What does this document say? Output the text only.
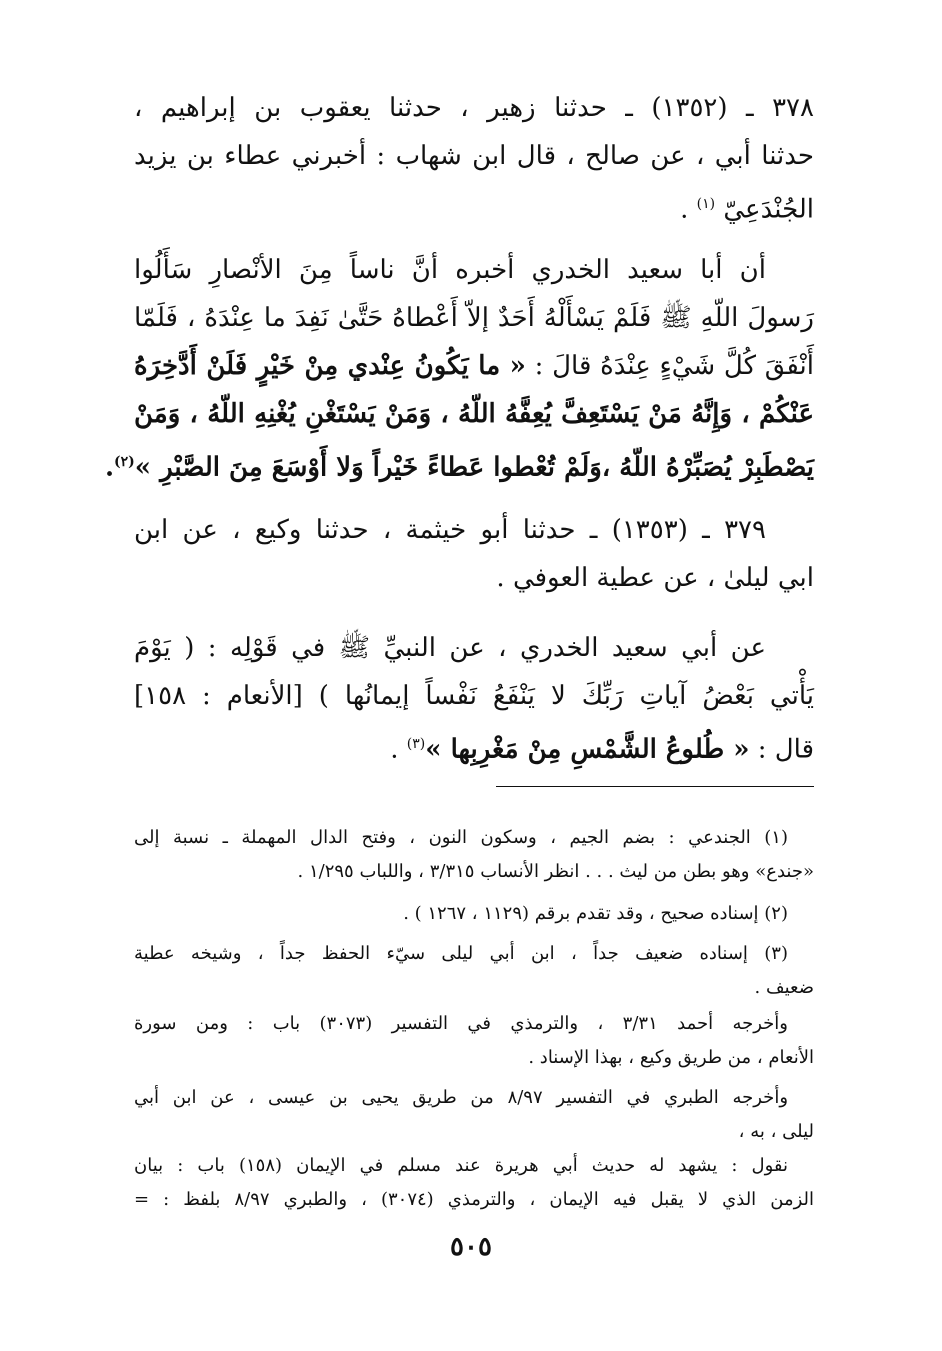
٣٧٨ ـ (١٣٥٢) ـ حدثنا زهير ، حدثنا يعقوب بن إبراهيم ،
حدثنا أبي ، عن صالح ، قال ابن شهاب : أخبرني عطاء بن يزيد
الجُنْدَعِيّ $^{(١)}$ .
أن أبا سعيد الخدري أخبره أنَّ ناساً مِنَ الأنْصارِ سَأَلُوا
رَسولَ اللّهِ ﷺ فَلَمْ يَسْأَلْهُ أَحَدٌ إلاّ أَعْطاهُ حَتَّىٰ نَفِدَ ما عِنْدَهُ ، فَلَمّا
أَنْفَقَ كُلَّ شَيْءٍ عِنْدَهُ قالَ : « ما يَكُونُ عِنْدي مِنْ خَيْرٍ فَلَنْ أَدَّخِرَهُ
عَنْكُمْ ، وَإِنَّهُ مَنْ يَسْتَعِفَّ يُعِفَّهُ اللّهُ ، وَمَنْ يَسْتَغْنِ يُغْنِهِ اللّهُ ، وَمَنْ
يَصْطَبِرْ يُصَبِّرْهُ اللّهُ ،وَلَمْ تُعْطوا عَطاءً خَيْراً وَلا أَوْسَعَ مِنَ الصَّبْرِ »$^{(٢)}$.
٣٧٩ ـ (١٣٥٣) ـ حدثنا أبو خيثمة ، حدثنا وكيع ، عن ابن
ابي ليلىٰ ، عن عطية العوفي .
عن أبي سعيد الخدري ، عن النبيِّ ﷺ في قَوْلِه : ( يَوْمَ
يَأْتي بَعْضُ آياتِ رَبِّكَ لا يَنْفَعُ نَفْساً إيمانُها ) [الأنعام : ١٥٨]
قال : « طُلوعُ الشَّمْسِ مِنْ مَغْرِبِها »$^{(٣)}$ .
(١) الجندعي : بضم الجيم ، وسكون النون ، وفتح الدال المهملة ـ نسبة إلى
«جندع» وهو بطن من ليث . . . انظر الأنساب ٣/٣١٥ ، واللباب ١/٢٩٥ .
(٢) إسناده صحيح ، وقد تقدم برقم (١١٢٩ ، ١٢٦٧ ) .
(٣) إسناده ضعيف جداً ، ابن أبي ليلى سيّء الحفظ جداً ، وشيخه عطية
ضعيف .
وأخرجه أحمد ٣/٣١ ، والترمذي في التفسير (٣٠٧٣) باب : ومن سورة
الأنعام ، من طريق وكيع ، بهذا الإسناد .
وأخرجه الطبري في التفسير ٨/٩٧ من طريق يحيى بن عيسى ، عن ابن أبي
ليلى ، به ،
نقول : يشهد له حديث أبي هريرة عند مسلم في الإيمان (١٥٨) باب : بيان
الزمن الذي لا يقبل فيه الإيمان ، والترمذي (٣٠٧٤) ، والطبري ٨/٩٧ بلفظ : =
٥٠٥
